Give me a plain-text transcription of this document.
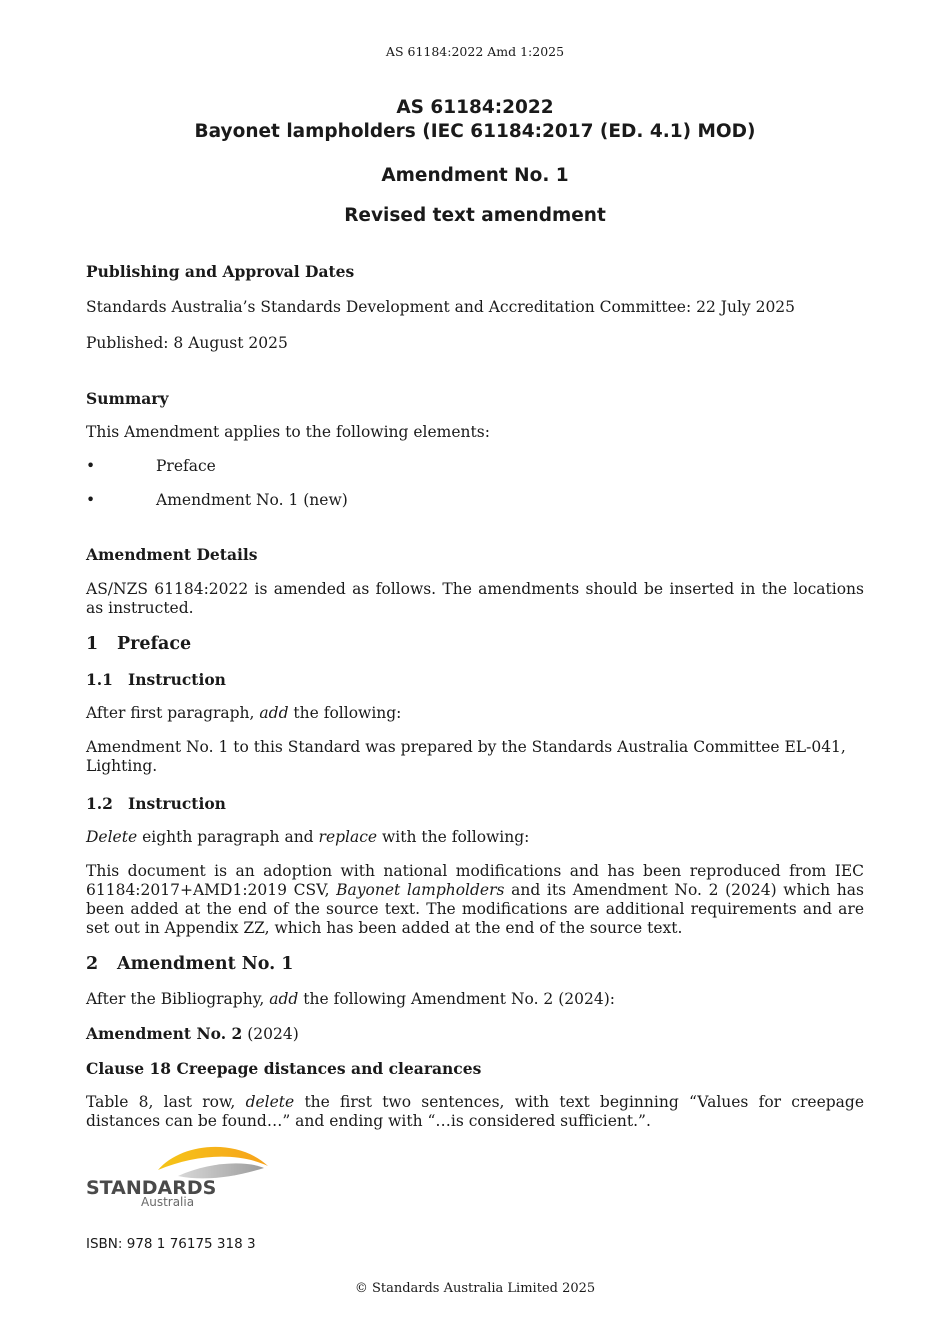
AS 61184:2022 Amd 1:2025
AS 61184:2022
Bayonet lampholders (IEC 61184:2017 (ED. 4.1) MOD)
Amendment No. 1
Revised text amendment

Publishing and Approval Dates

Standards Australia’s Standards Development and Accreditation Committee: 22 July 2025

Published: 8 August 2025

Summary

This Amendment applies to the following elements:

•	Preface
•	Amendment No. 1 (new)

Amendment Details

AS/NZS 61184:2022 is amended as follows. The amendments should be inserted in the locations as instructed.

1	Preface
1.1 Instruction

After first paragraph, add the following:

Amendment No. 1 to this Standard was prepared by the Standards Australia Committee EL-041, Lighting.

1.2 Instruction

Delete eighth paragraph and replace with the following:

This document is an adoption with national modifications and has been reproduced from IEC 61184:2017+AMD1:2019 CSV, Bayonet lampholders and its Amendment No. 2 (2024) which has been added at the end of the source text. The modifications are additional requirements and are set out in Appendix ZZ, which has been added at the end of the source text.

2	Amendment No. 1

After the Bibliography, add the following Amendment No. 2 (2024):

Amendment No. 2 (2024)

Clause 18 Creepage distances and clearances

Table 8, last row, delete the first two sentences, with text beginning “Values for creepage distances can be found…” and ending with “…is considered sufficient.”.

STANDARDS
Australia
ISBN: 978 1 76175 318 3
© Standards Australia Limited 2025
